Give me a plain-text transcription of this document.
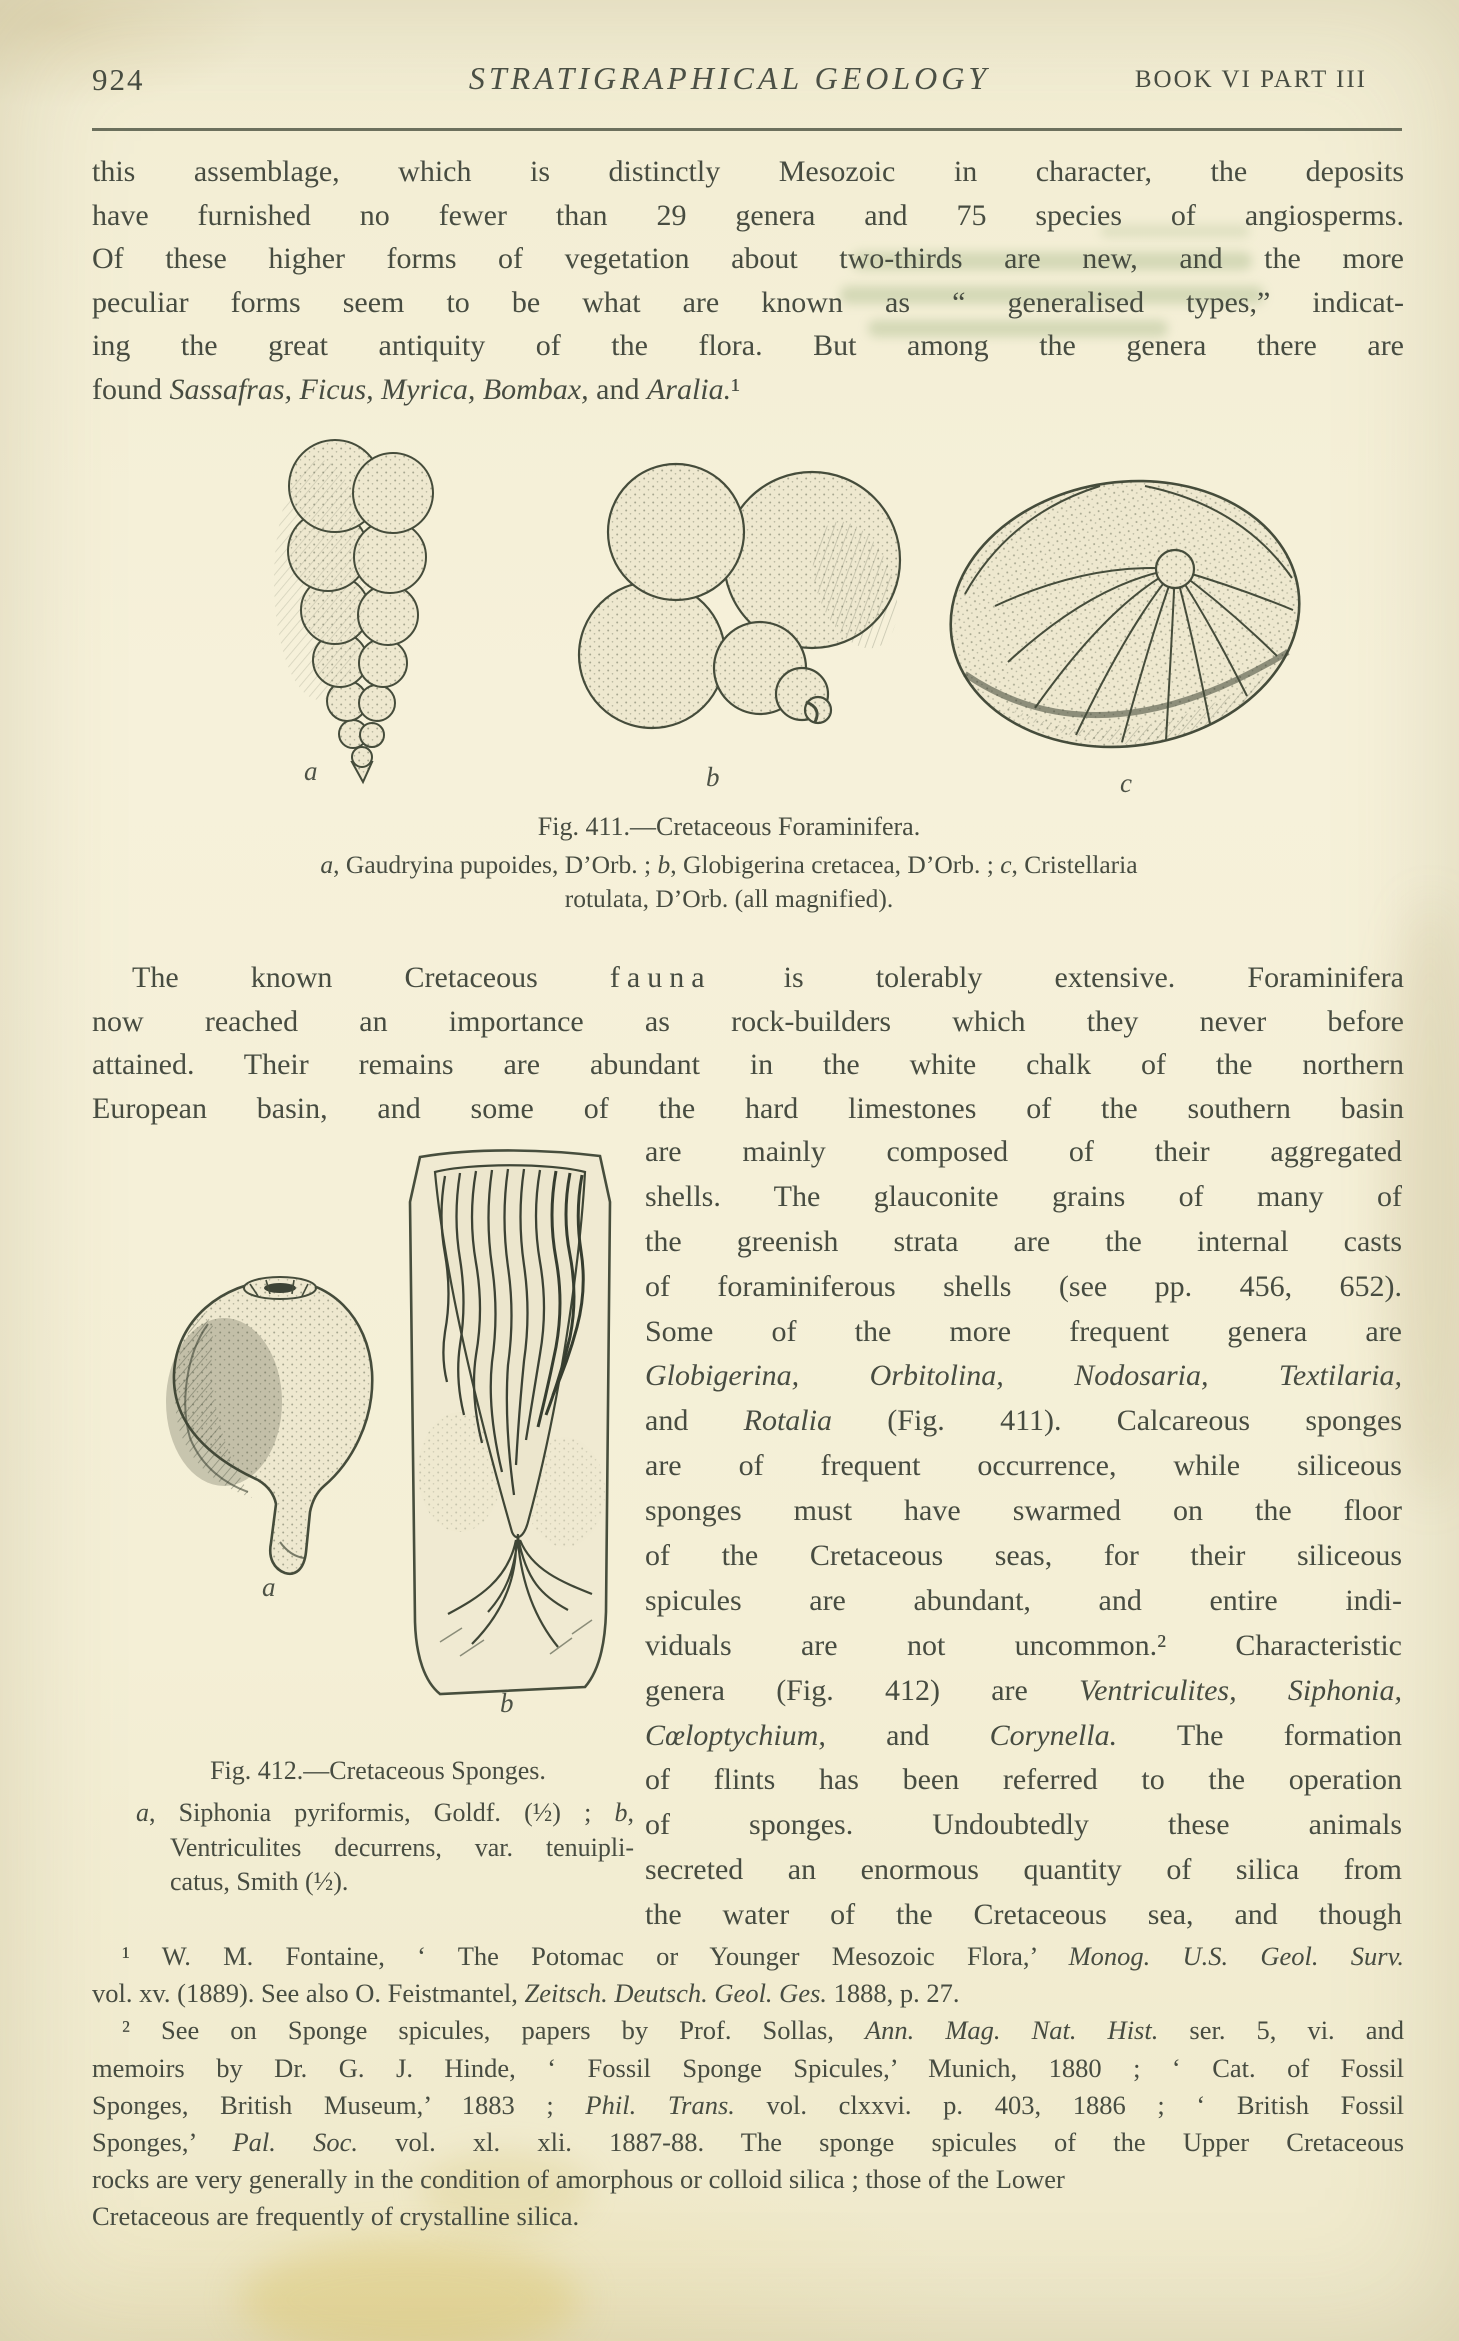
924	STRATIGRAPHICAL GEOLOGY	BOOK VI PART III
this assemblage, which is distinctly Mesozoic in character, the deposits
have furnished no fewer than 29 genera and 75 species of angiosperms.
Of these higher forms of vegetation about two-thirds are new, and the more
peculiar forms seem to be what are known as “ generalised types,” indicat-
ing the great antiquity of the flora. But among the genera there are
found Sassafras, Ficus, Myrica, Bombax, and Aralia.¹
a	b	c
Fig. 411.—Cretaceous Foraminifera.
a, Gaudryina pupoides, D’Orb. ; b, Globigerina cretacea, D’Orb. ; c, Cristellaria
rotulata, D’Orb. (all magnified).
The known Cretaceous fauna is tolerably extensive. Foraminifera
now reached an importance as rock-builders which they never before
attained. Their remains are abundant in the white chalk of the northern
European basin, and some of the hard limestones of the southern basin
are mainly composed of their aggregated
shells. The glauconite grains of many of
the greenish strata are the internal casts
of foraminiferous shells (see pp. 456, 652).
Some of the more frequent genera are
Globigerina, Orbitolina, Nodosaria, Textilaria,
and Rotalia (Fig. 411). Calcareous sponges
are of frequent occurrence, while siliceous
sponges must have swarmed on the floor
of the Cretaceous seas, for their siliceous
spicules are abundant, and entire indi-
viduals are not uncommon.² Characteristic
genera (Fig. 412) are Ventriculites, Siphonia,
Cœloptychium, and Corynella. The formation
of flints has been referred to the operation
of sponges. Undoubtedly these animals
secreted an enormous quantity of silica from
the water of the Cretaceous sea, and though
a
b
Fig. 412.—Cretaceous Sponges.
a, Siphonia pyriformis, Goldf. (½) ; b,
Ventriculites decurrens, var. tenuipli-
catus, Smith (½).
¹ W. M. Fontaine, ‘ The Potomac or Younger Mesozoic Flora,’ Monog. U.S. Geol. Surv.
vol. xv. (1889). See also O. Feistmantel, Zeitsch. Deutsch. Geol. Ges. 1888, p. 27.
² See on Sponge spicules, papers by Prof. Sollas, Ann. Mag. Nat. Hist. ser. 5, vi. and
memoirs by Dr. G. J. Hinde, ‘ Fossil Sponge Spicules,’ Munich, 1880 ; ‘ Cat. of Fossil
Sponges, British Museum,’ 1883 ; Phil. Trans. vol. clxxvi. p. 403, 1886 ; ‘ British Fossil
Sponges,’ Pal. Soc. vol. xl. xli. 1887-88. The sponge spicules of the Upper Cretaceous
rocks are very generally in the condition of amorphous or colloid silica ; those of the Lower
Cretaceous are frequently of crystalline silica.
